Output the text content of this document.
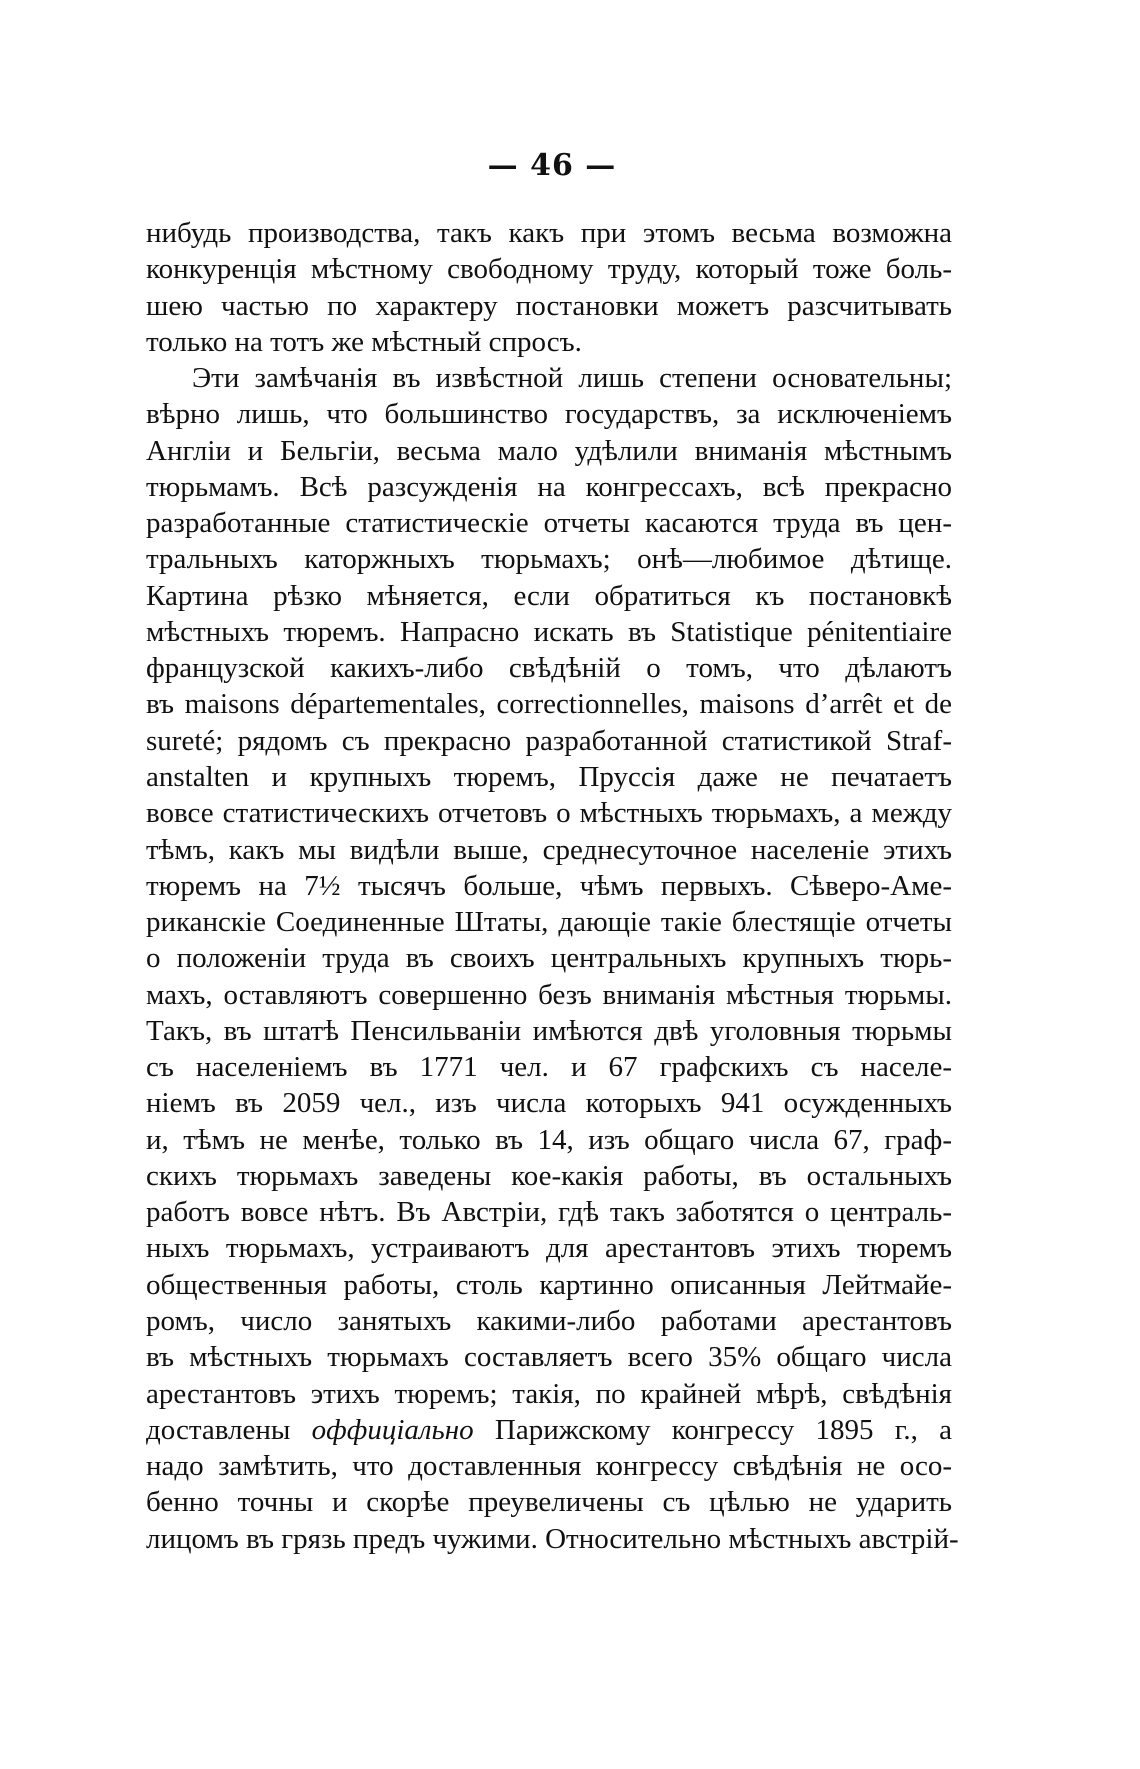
— 46 —
нибудь производства, такъ какъ при этомъ весьма возможна
конкуренція мѣстному свободному труду, который тоже боль-
шею частью по характеру постановки можетъ разсчитывать
только на тотъ же мѣстный спросъ.
Эти замѣчанія въ извѣстной лишь степени основательны;
вѣрно лишь, что большинство государствъ, за исключеніемъ
Англіи и Бельгіи, весьма мало удѣлили вниманія мѣстнымъ
тюрьмамъ. Всѣ разсужденія на конгрессахъ, всѣ прекрасно
разработанные статистическіе отчеты касаются труда въ цен-
тральныхъ каторжныхъ тюрьмахъ; онѣ—любимое дѣтище.
Картина рѣзко мѣняется, если обратиться къ постановкѣ
мѣстныхъ тюремъ. Напрасно искать въ Statistique pénitentiaire
французской какихъ-либо свѣдѣній о томъ, что дѣлаютъ
въ maisons départementales, correctionnelles, maisons d’arrêt et de
sureté; рядомъ съ прекрасно разработанной статистикой Straf-
anstalten и крупныхъ тюремъ, Пруссія даже не печатаетъ
вовсе статистическихъ отчетовъ о мѣстныхъ тюрьмахъ, а между
тѣмъ, какъ мы видѣли выше, среднесуточное населеніе этихъ
тюремъ на 7½ тысячъ больше, чѣмъ первыхъ. Сѣверо-Аме-
риканскіе Соединенные Штаты, дающіе такіе блестящіе отчеты
о положеніи труда въ своихъ центральныхъ крупныхъ тюрь-
махъ, оставляютъ совершенно безъ вниманія мѣстныя тюрьмы.
Такъ, въ штатѣ Пенсильваніи имѣются двѣ уголовныя тюрьмы
съ населеніемъ въ 1771 чел. и 67 графскихъ съ населе-
ніемъ въ 2059 чел., изъ числа которыхъ 941 осужденныхъ
и, тѣмъ не менѣе, только въ 14, изъ общаго числа 67, граф-
скихъ тюрьмахъ заведены кое-какія работы, въ остальныхъ
работъ вовсе нѣтъ. Въ Австріи, гдѣ такъ заботятся о централь-
ныхъ тюрьмахъ, устраиваютъ для арестантовъ этихъ тюремъ
общественныя работы, столь картинно описанныя Лейтмайе-
ромъ, число занятыхъ какими-либо работами арестантовъ
въ мѣстныхъ тюрьмахъ составляетъ всего 35% общаго числа
арестантовъ этихъ тюремъ; такія, по крайней мѣрѣ, свѣдѣнія
доставлены оффиціально Парижскому конгрессу 1895 г., а
надо замѣтить, что доставленныя конгрессу свѣдѣнія не осо-
бенно точны и скорѣе преувеличены съ цѣлью не ударить
лицомъ въ грязь предъ чужими. Относительно мѣстныхъ австрій-
